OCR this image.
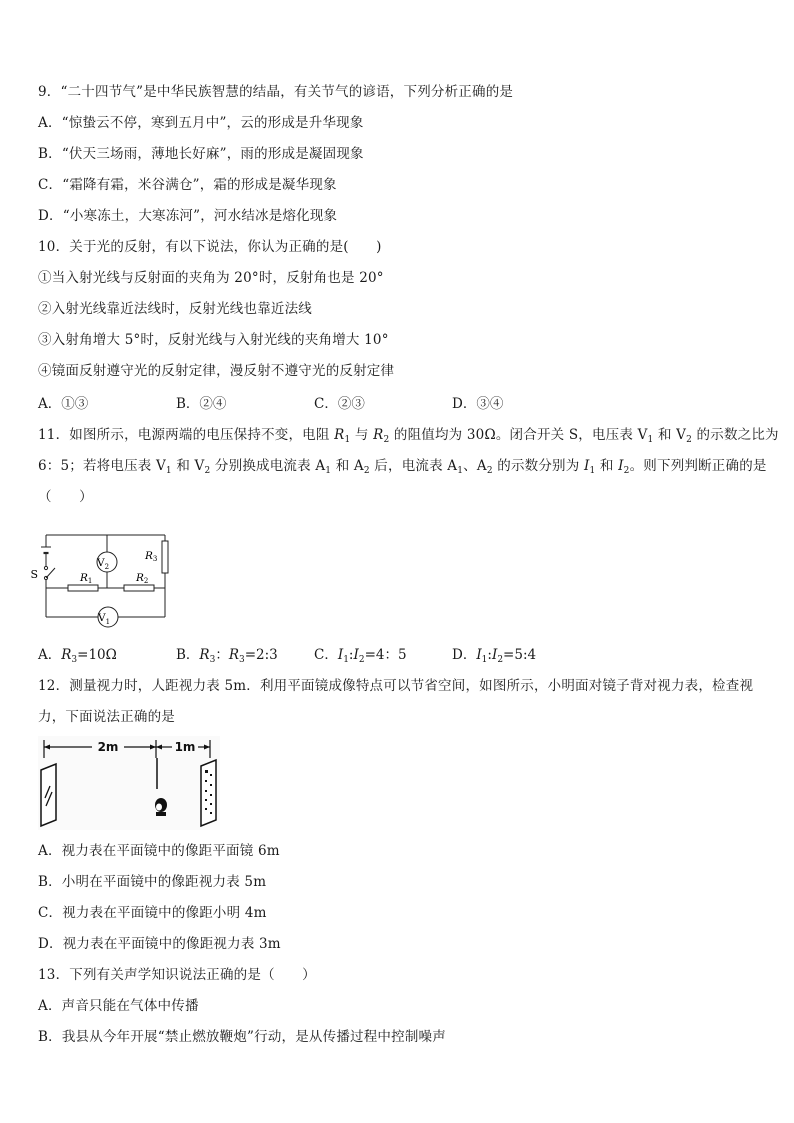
9．“二十四节气”是中华民族智慧的结晶，有关节气的谚语，下列分析正确的是
A．“惊蛰云不停，寒到五月中”，云的形成是升华现象
B．“伏天三场雨，薄地长好麻”，雨的形成是凝固现象
C．“霜降有霜，米谷满仓”，霜的形成是凝华现象
D．“小寒冻土，大寒冻河”，河水结冰是熔化现象
10．关于光的反射，有以下说法，你认为正确的是(　　)
①当入射光线与反射面的夹角为 20°时，反射角也是 20°
②入射光线靠近法线时，反射光线也靠近法线
③入射角增大 5°时，反射光线与入射光线的夹角增大 10°
④镜面反射遵守光的反射定律，漫反射不遵守光的反射定律
A．①③	B．②④	C．②③	D．③④
11．如图所示，电源两端的电压保持不变，电阻 $R_1$ 与 $R_2$ 的阻值均为 30Ω。闭合开关 S，电压表 $V_1$ 和 $V_2$ 的示数之比为
6：5；若将电压表 $V_1$ 和 $V_2$ 分别换成电流表 $A_1$ 和 $A_2$ 后，电流表 $A_1$、$A_2$ 的示数分别为 $I_1$ 和 $I_2$。则下列判断正确的是
（　　）
S	R1	R2
R3
$V_2$
$V_1$
A．$R_3=10\Omega$	B．$R_3$：$R_3=2:3$	C．$I_1:I_2=4$：5	D．$I_1:I_2=5:4$
12．测量视力时，人距视力表 5m．利用平面镜成像特点可以节省空间，如图所示，小明面对镜子背对视力表，检查视
力，下面说法正确的是
2m	1m
A．视力表在平面镜中的像距平面镜 6m
B．小明在平面镜中的像距视力表 5m
C．视力表在平面镜中的像距小明 4m
D．视力表在平面镜中的像距视力表 3m
13．下列有关声学知识说法正确的是（　　）
A．声音只能在气体中传播
B．我县从今年开展“禁止燃放鞭炮”行动，是从传播过程中控制噪声
